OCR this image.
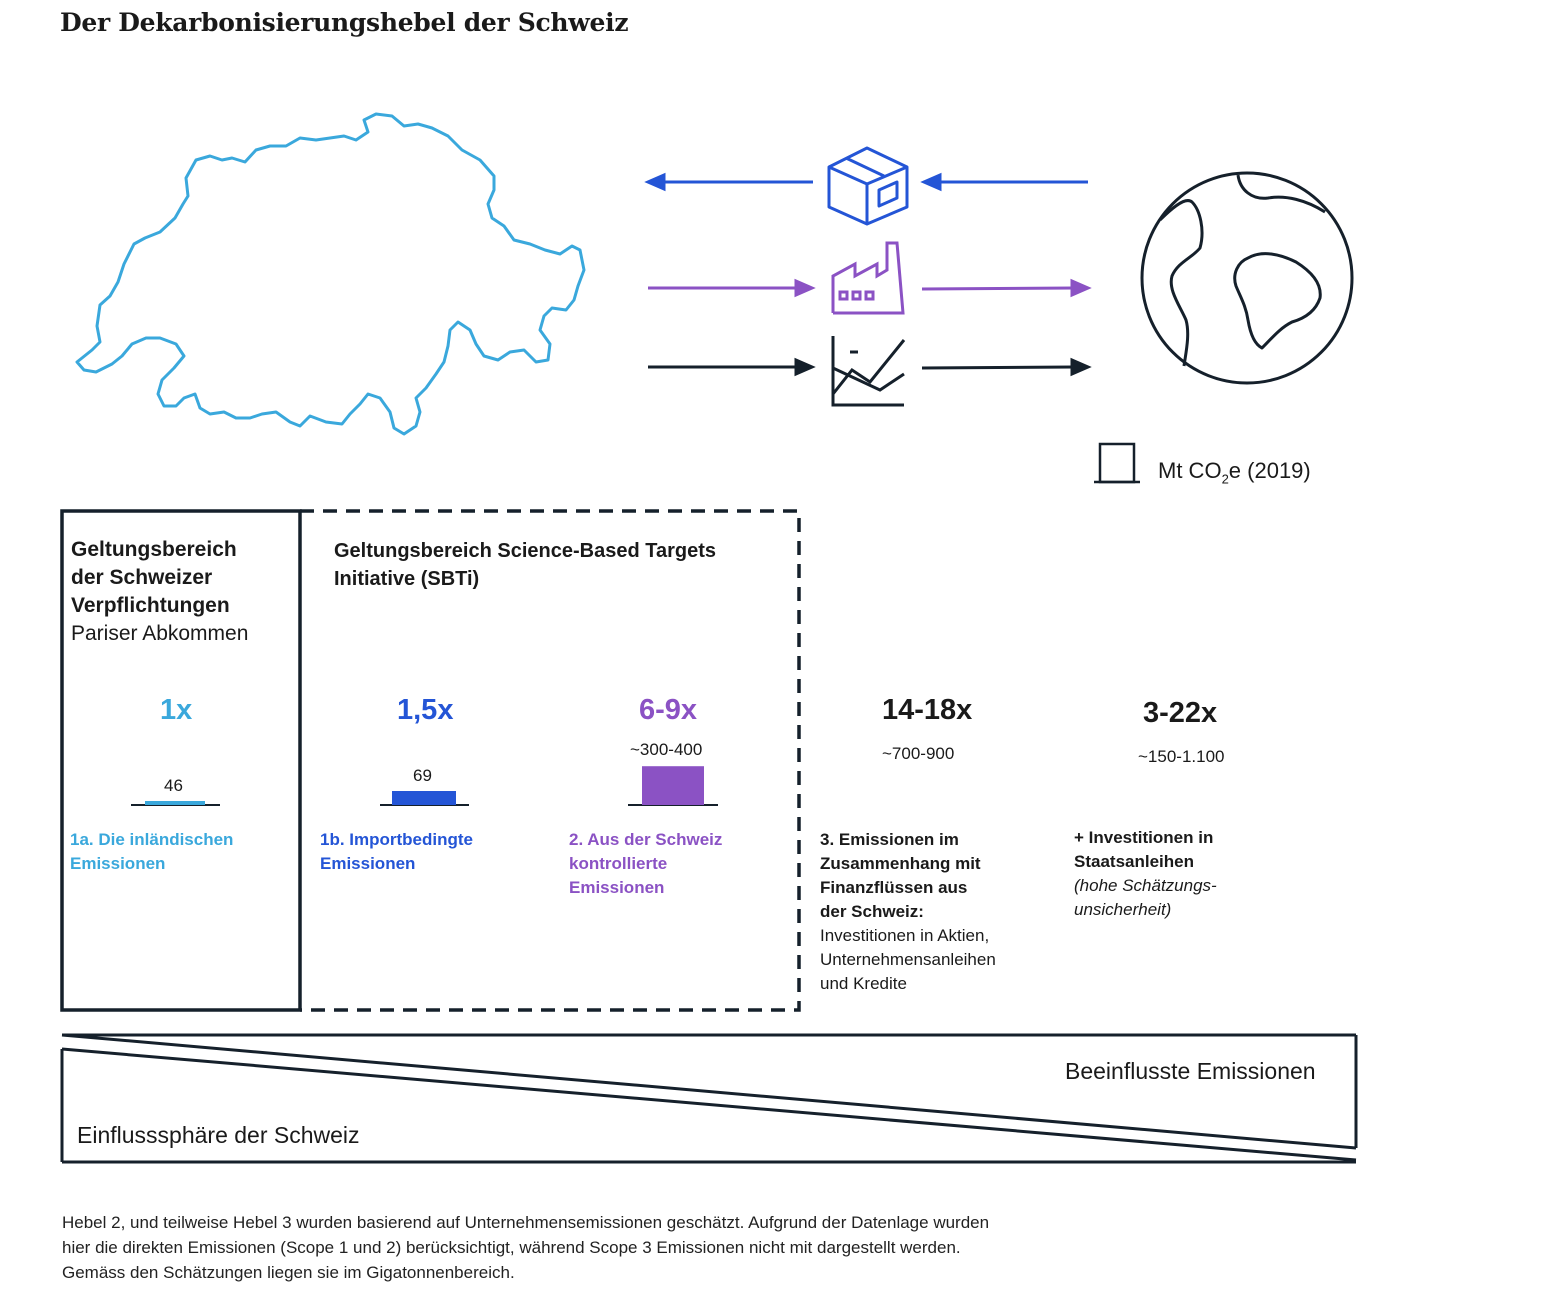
Der Dekarbonisierungshebel der Schweiz
Mt $CO_2e$ (2019)
Geltungsbereich
der Schweizer
Verpflichtungen
Pariser Abkommen
Geltungsbereich Science-Based Targets
Initiative (SBTi)
1x	1,5x	6-9x	14-18x	3-22x
46
69
~300-400	~700-900	~150-1.100
1a. Die inländischen
Emissionen
1b. Importbedingte
Emissionen
2. Aus der Schweiz
kontrollierte
Emissionen
3. Emissionen im
Zusammenhang mit
Finanzflüssen aus
der Schweiz:
Investitionen in Aktien,
Unternehmensanleihen
und Kredite
+ Investitionen in
Staatsanleihen
(hohe Schätzungs-
unsicherheit)
Beeinflusste Emissionen
Einflusssphäre der Schweiz
Hebel 2, und teilweise Hebel 3 wurden basierend auf Unternehmensemissionen geschätzt. Aufgrund der Datenlage wurden
hier die direkten Emissionen (Scope 1 und 2) berücksichtigt, während Scope 3 Emissionen nicht mit dargestellt werden.
Gemäss den Schätzungen liegen sie im Gigatonnenbereich.
